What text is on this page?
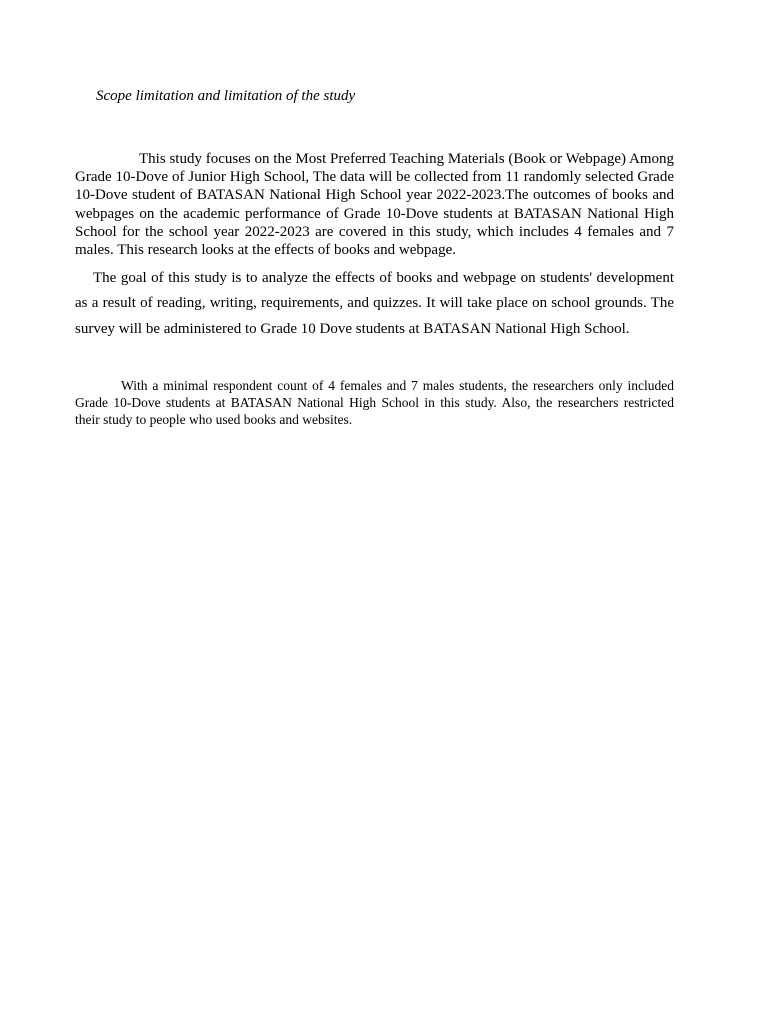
Scope limitation and limitation of the study

This study focuses on the Most Preferred Teaching Materials (Book or Webpage) Among Grade 10-Dove of Junior High School, The data will be collected from 11 randomly selected Grade 10-Dove student of BATASAN National High School year 2022-2023.The outcomes of books and webpages on the academic performance of Grade 10-Dove students at BATASAN National High School for the school year 2022-2023 are covered in this study, which includes 4 females and 7 males. This research looks at the effects of books and webpage.

The goal of this study is to analyze the effects of books and webpage on students' development as a result of reading, writing, requirements, and quizzes. It will take place on school grounds. The survey will be administered to Grade 10 Dove students at BATASAN National High School.

With a minimal respondent count of 4 females and 7 males students, the researchers only included Grade 10-Dove students at BATASAN National High School in this study. Also, the researchers restricted their study to people who used books and websites.
